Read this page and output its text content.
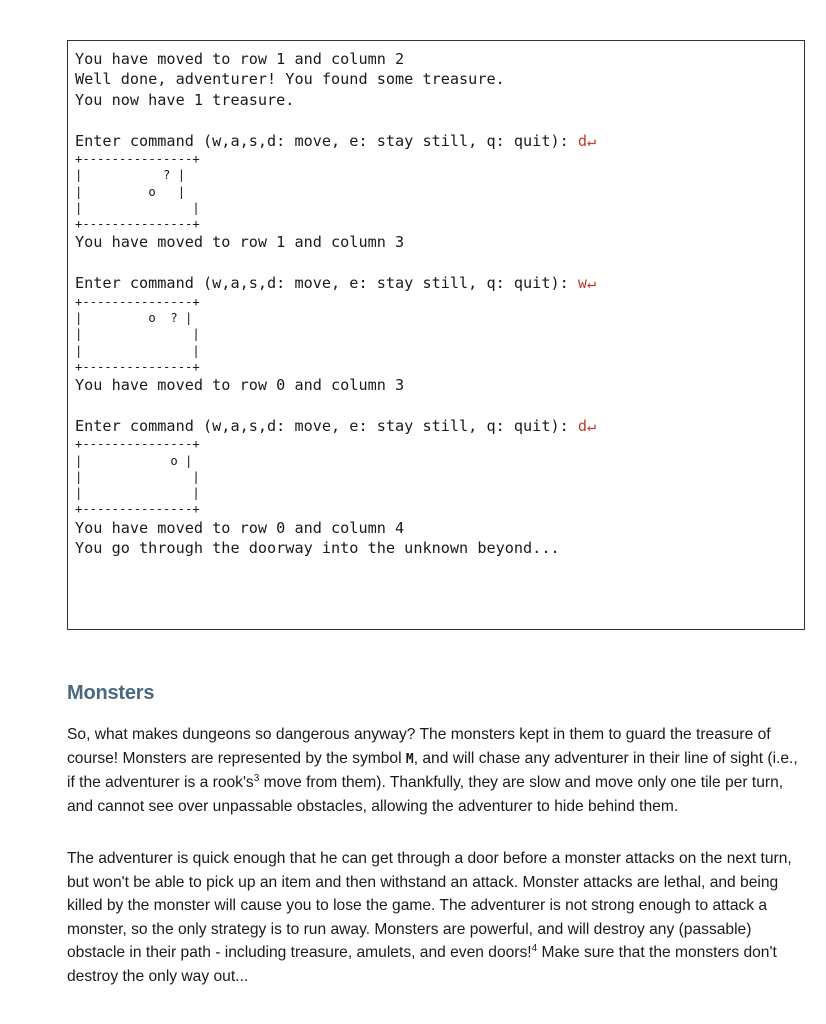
You have moved to row 1 and column 2
Well done, adventurer! You found some treasure.
You now have 1 treasure.
Enter command (w,a,s,d: move, e: stay still, q: quit): d↵
+---------------+
|           ? |
|         o   |
|               |
+---------------+
You have moved to row 1 and column 3
Enter command (w,a,s,d: move, e: stay still, q: quit): w↵
+---------------+
|         o  ? |
|               |
|               |
+---------------+
You have moved to row 0 and column 3
Enter command (w,a,s,d: move, e: stay still, q: quit): d↵
+---------------+
|            o |
|               |
|               |
+---------------+
You have moved to row 0 and column 4
You go through the doorway into the unknown beyond...
Monsters

So, what makes dungeons so dangerous anyway? The monsters kept in them to guard the treasure of course! Monsters are represented by the symbol M, and will chase any adventurer in their line of sight (i.e., if the adventurer is a $rook's^3$ move from them). Thankfully, they are slow and move only one tile per turn, and cannot see over unpassable obstacles, allowing the adventurer to hide behind them.

The adventurer is quick enough that he can get through a door before a monster attacks on the next turn, but won't be able to pick up an item and then withstand an attack. Monster attacks are lethal, and being killed by the monster will cause you to lose the game. The adventurer is not strong enough to attack a monster, so the only strategy is to run away. Monsters are powerful, and will destroy any (passable) obstacle in their path - including treasure, amulets, and even doors!$^4$ Make sure that the monsters don't destroy the only way out...
